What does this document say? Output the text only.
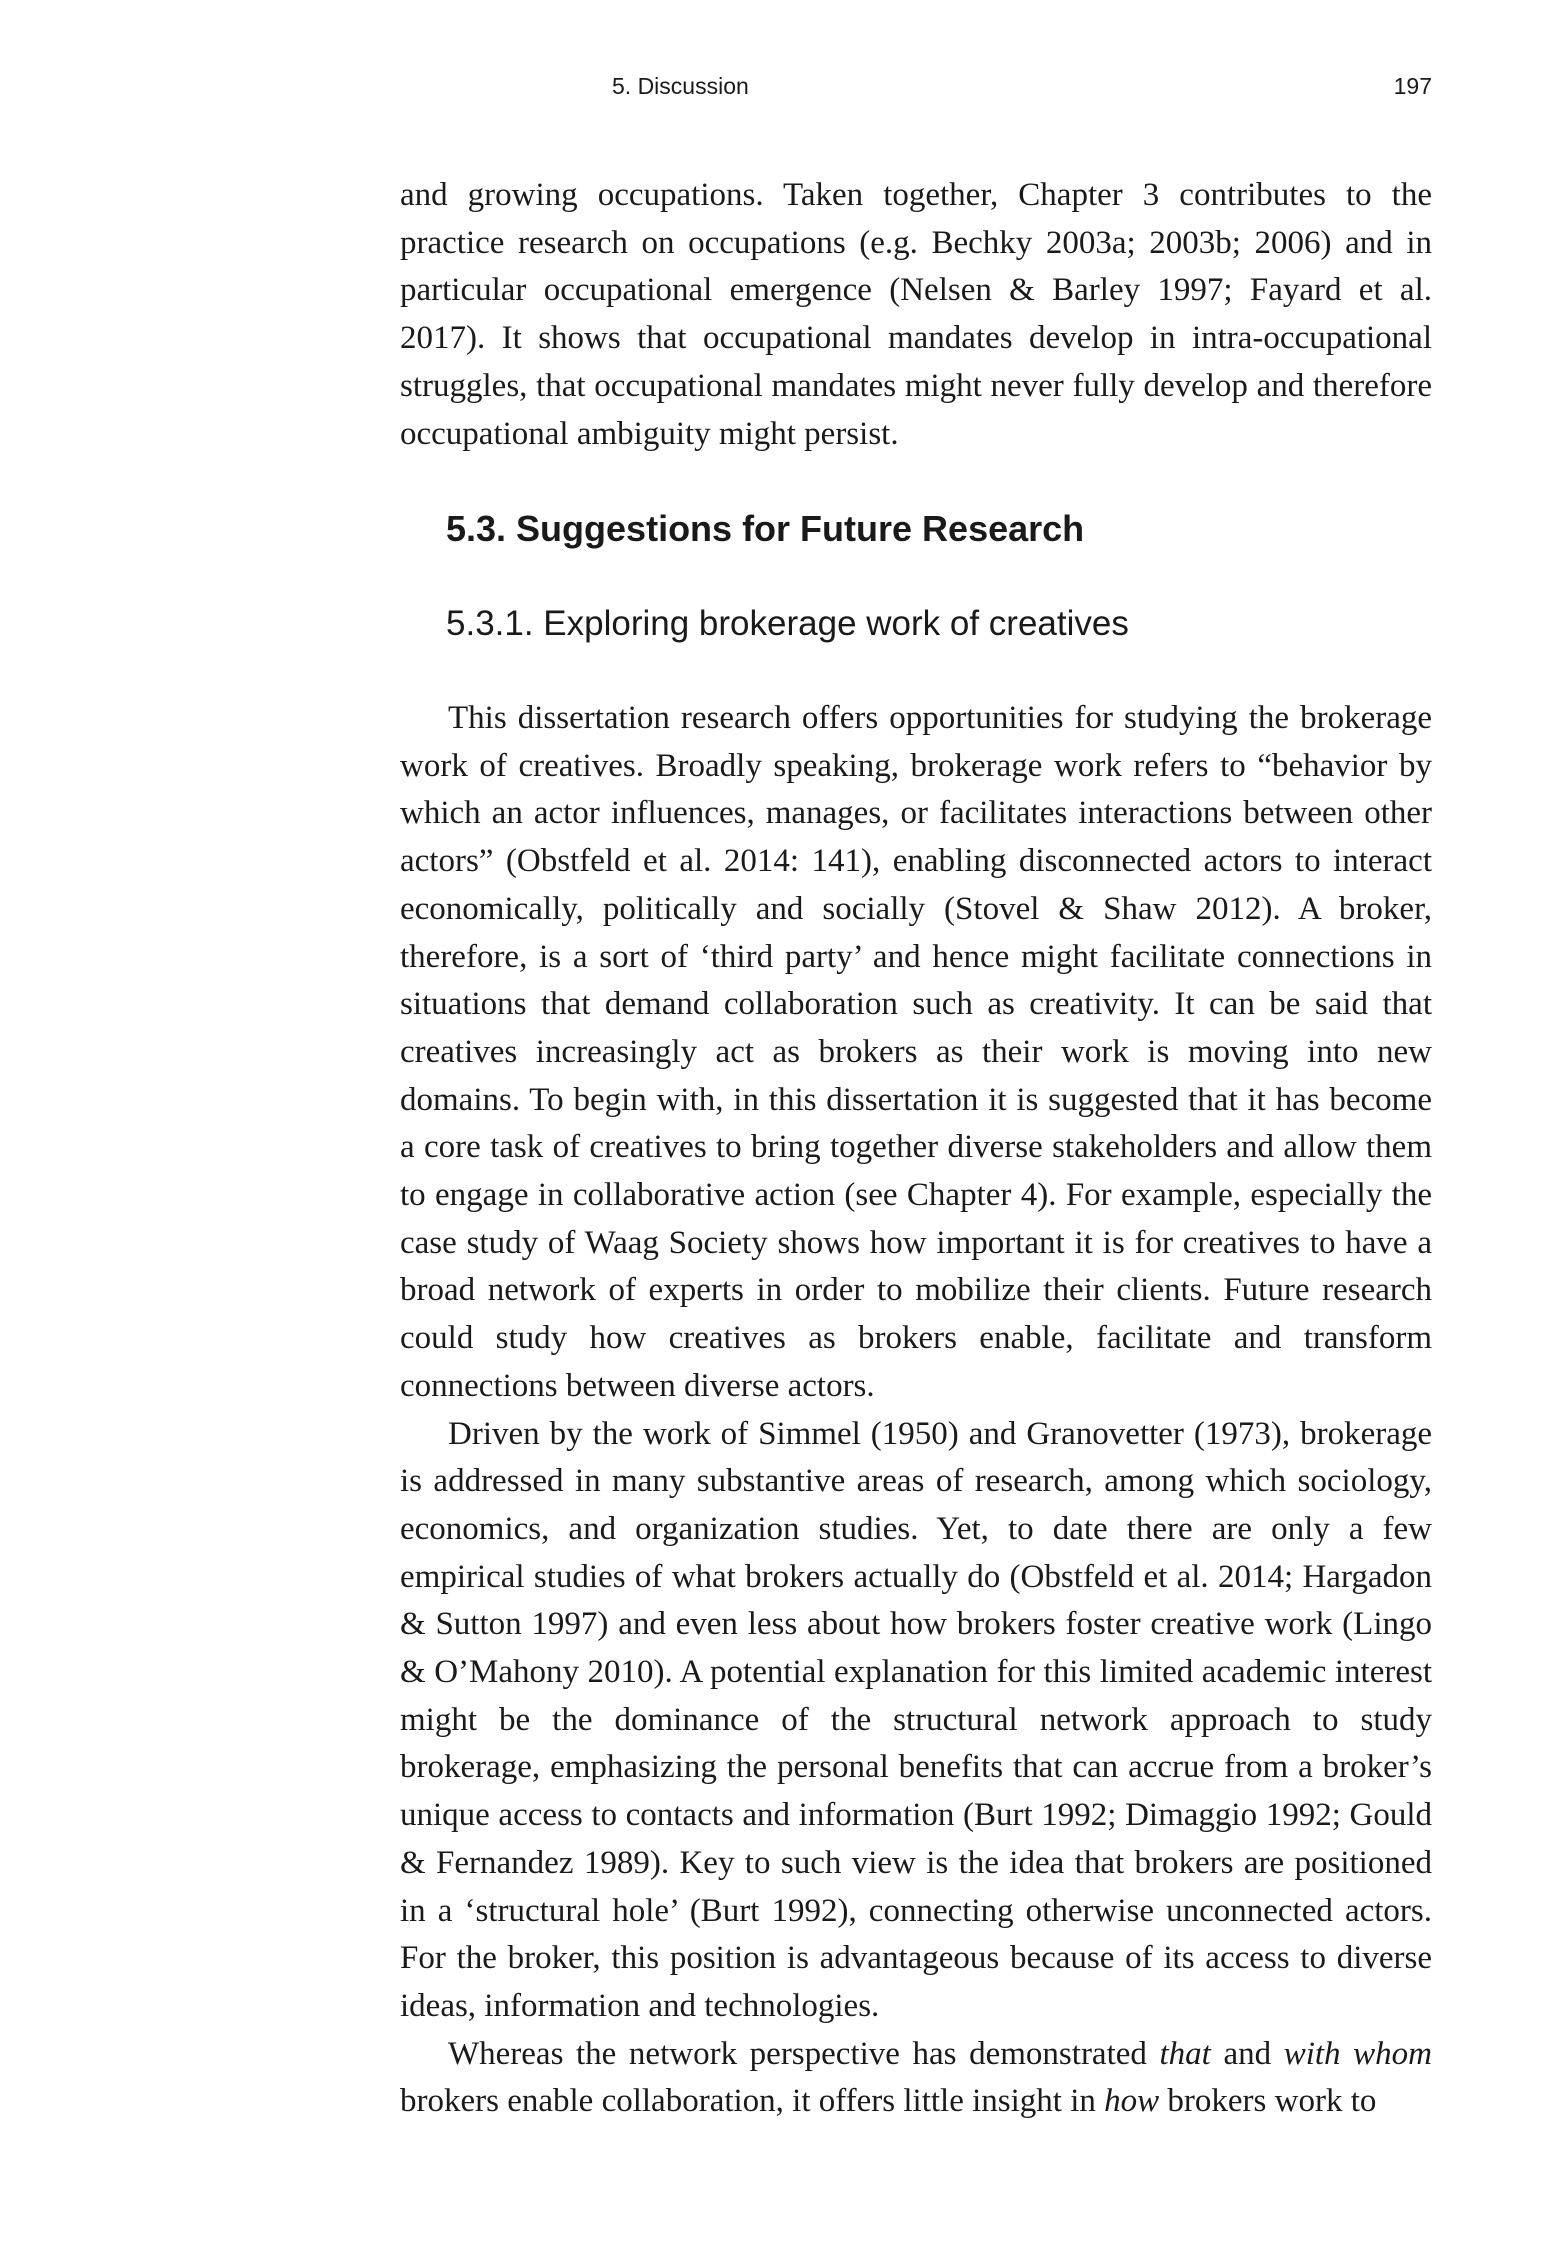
5. Discussion	197

and growing occupations. Taken together, Chapter 3 contributes to the practice research on occupations (e.g. Bechky 2003a; 2003b; 2006) and in particular occupational emergence (Nelsen & Barley 1997; Fayard et al. 2017). It shows that occupational mandates develop in intra-occupational struggles, that occupational mandates might never fully develop and therefore occupational ambiguity might persist.

5.3. Suggestions for Future Research
5.3.1. Exploring brokerage work of creatives

This dissertation research offers opportunities for studying the brokerage work of creatives. Broadly speaking, brokerage work refers to “behavior by which an actor influences, manages, or facilitates interactions between other actors” (Obstfeld et al. 2014: 141), enabling disconnected actors to interact economically, politically and socially (Stovel & Shaw 2012). A broker, therefore, is a sort of ‘third party’ and hence might facilitate connections in situations that demand collaboration such as creativity. It can be said that creatives increasingly act as brokers as their work is moving into new domains. To begin with, in this dissertation it is suggested that it has become a core task of creatives to bring together diverse stakeholders and allow them to engage in collaborative action (see Chapter 4). For example, especially the case study of Waag Society shows how important it is for creatives to have a broad network of experts in order to mobilize their clients. Future research could study how creatives as brokers enable, facilitate and transform connections between diverse actors.

Driven by the work of Simmel (1950) and Granovetter (1973), brokerage is addressed in many substantive areas of research, among which sociology, economics, and organization studies. Yet, to date there are only a few empirical studies of what brokers actually do (Obstfeld et al. 2014; Hargadon & Sutton 1997) and even less about how brokers foster creative work (Lingo & O’Mahony 2010). A potential explanation for this limited academic interest might be the dominance of the structural network approach to study brokerage, emphasizing the personal benefits that can accrue from a broker’s unique access to contacts and information (Burt 1992; Dimaggio 1992; Gould & Fernandez 1989). Key to such view is the idea that brokers are positioned in a ‘structural hole’ (Burt 1992), connecting otherwise unconnected actors. For the broker, this position is advantageous because of its access to diverse ideas, information and technologies.

Whereas the network perspective has demonstrated that and with whom brokers enable collaboration, it offers little insight in how brokers work to
